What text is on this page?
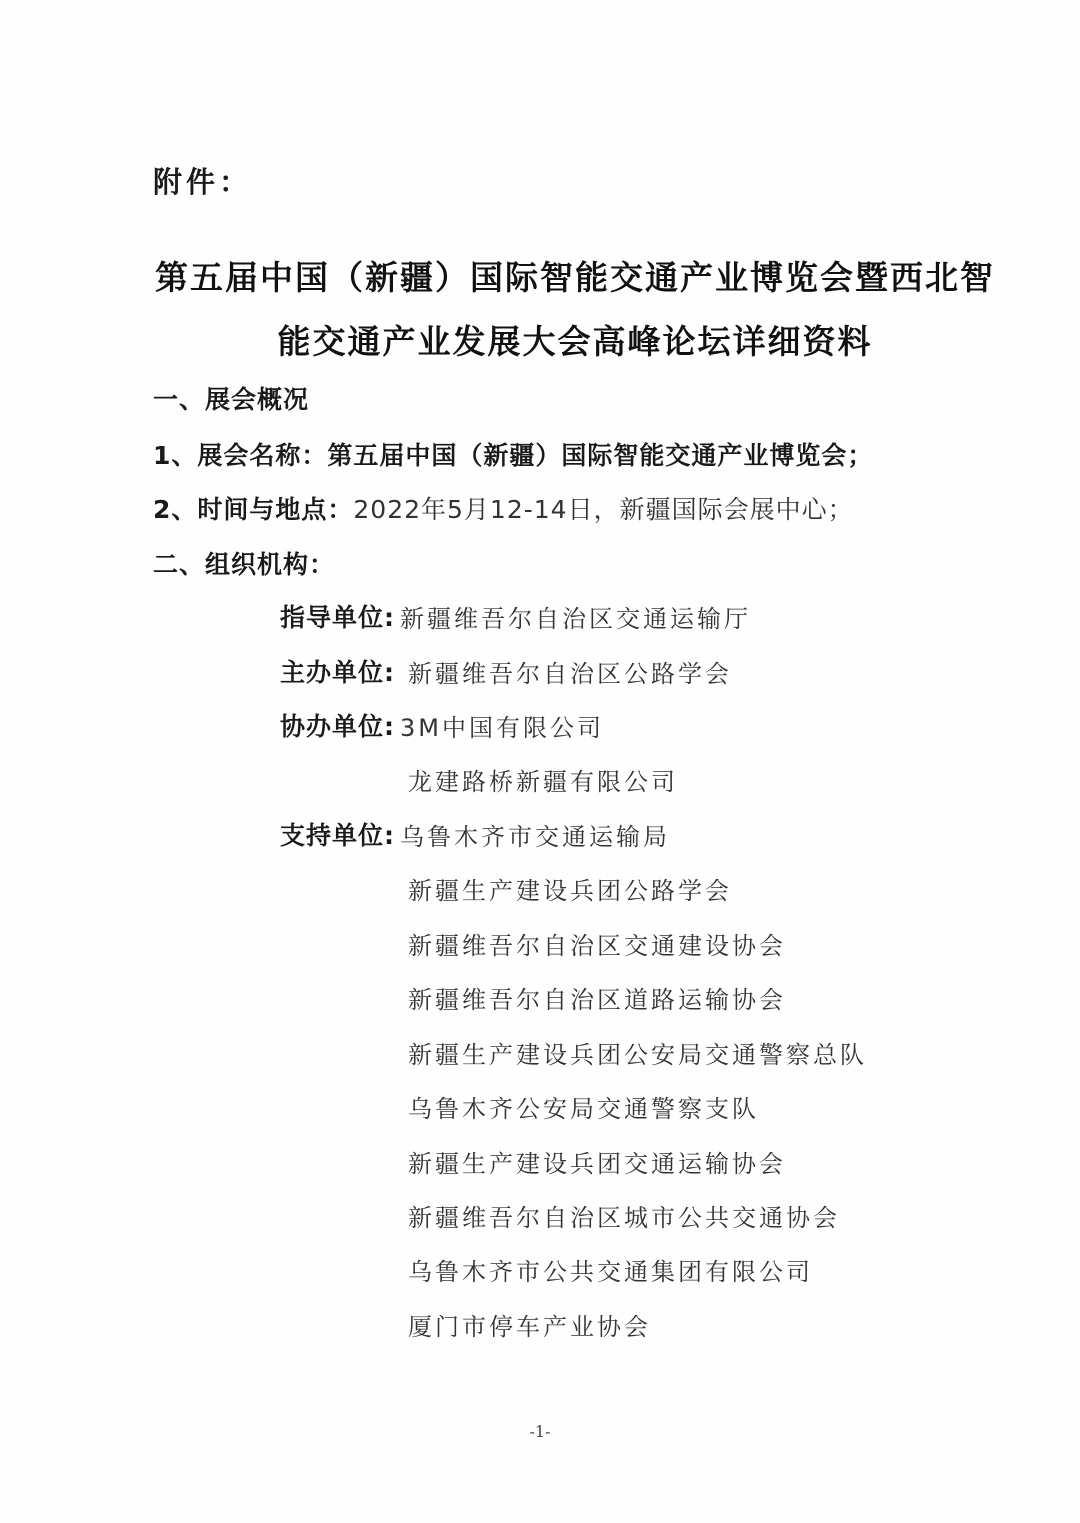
附件：
第五届中国（新疆）国际智能交通产业博览会暨西北智
能交通产业发展大会高峰论坛详细资料
一、展会概况
1、展会名称：第五届中国（新疆）国际智能交通产业博览会；
2、时间与地点：2022年5月12-14日，新疆国际会展中心；
二、组织机构：
指导单位: 新疆维吾尔自治区交通运输厅
主办单位: 新疆维吾尔自治区公路学会
协办单位: 3M中国有限公司
龙建路桥新疆有限公司
支持单位: 乌鲁木齐市交通运输局
新疆生产建设兵团公路学会
新疆维吾尔自治区交通建设协会
新疆维吾尔自治区道路运输协会
新疆生产建设兵团公安局交通警察总队
乌鲁木齐公安局交通警察支队
新疆生产建设兵团交通运输协会
新疆维吾尔自治区城市公共交通协会
乌鲁木齐市公共交通集团有限公司
厦门市停车产业协会
-1-
